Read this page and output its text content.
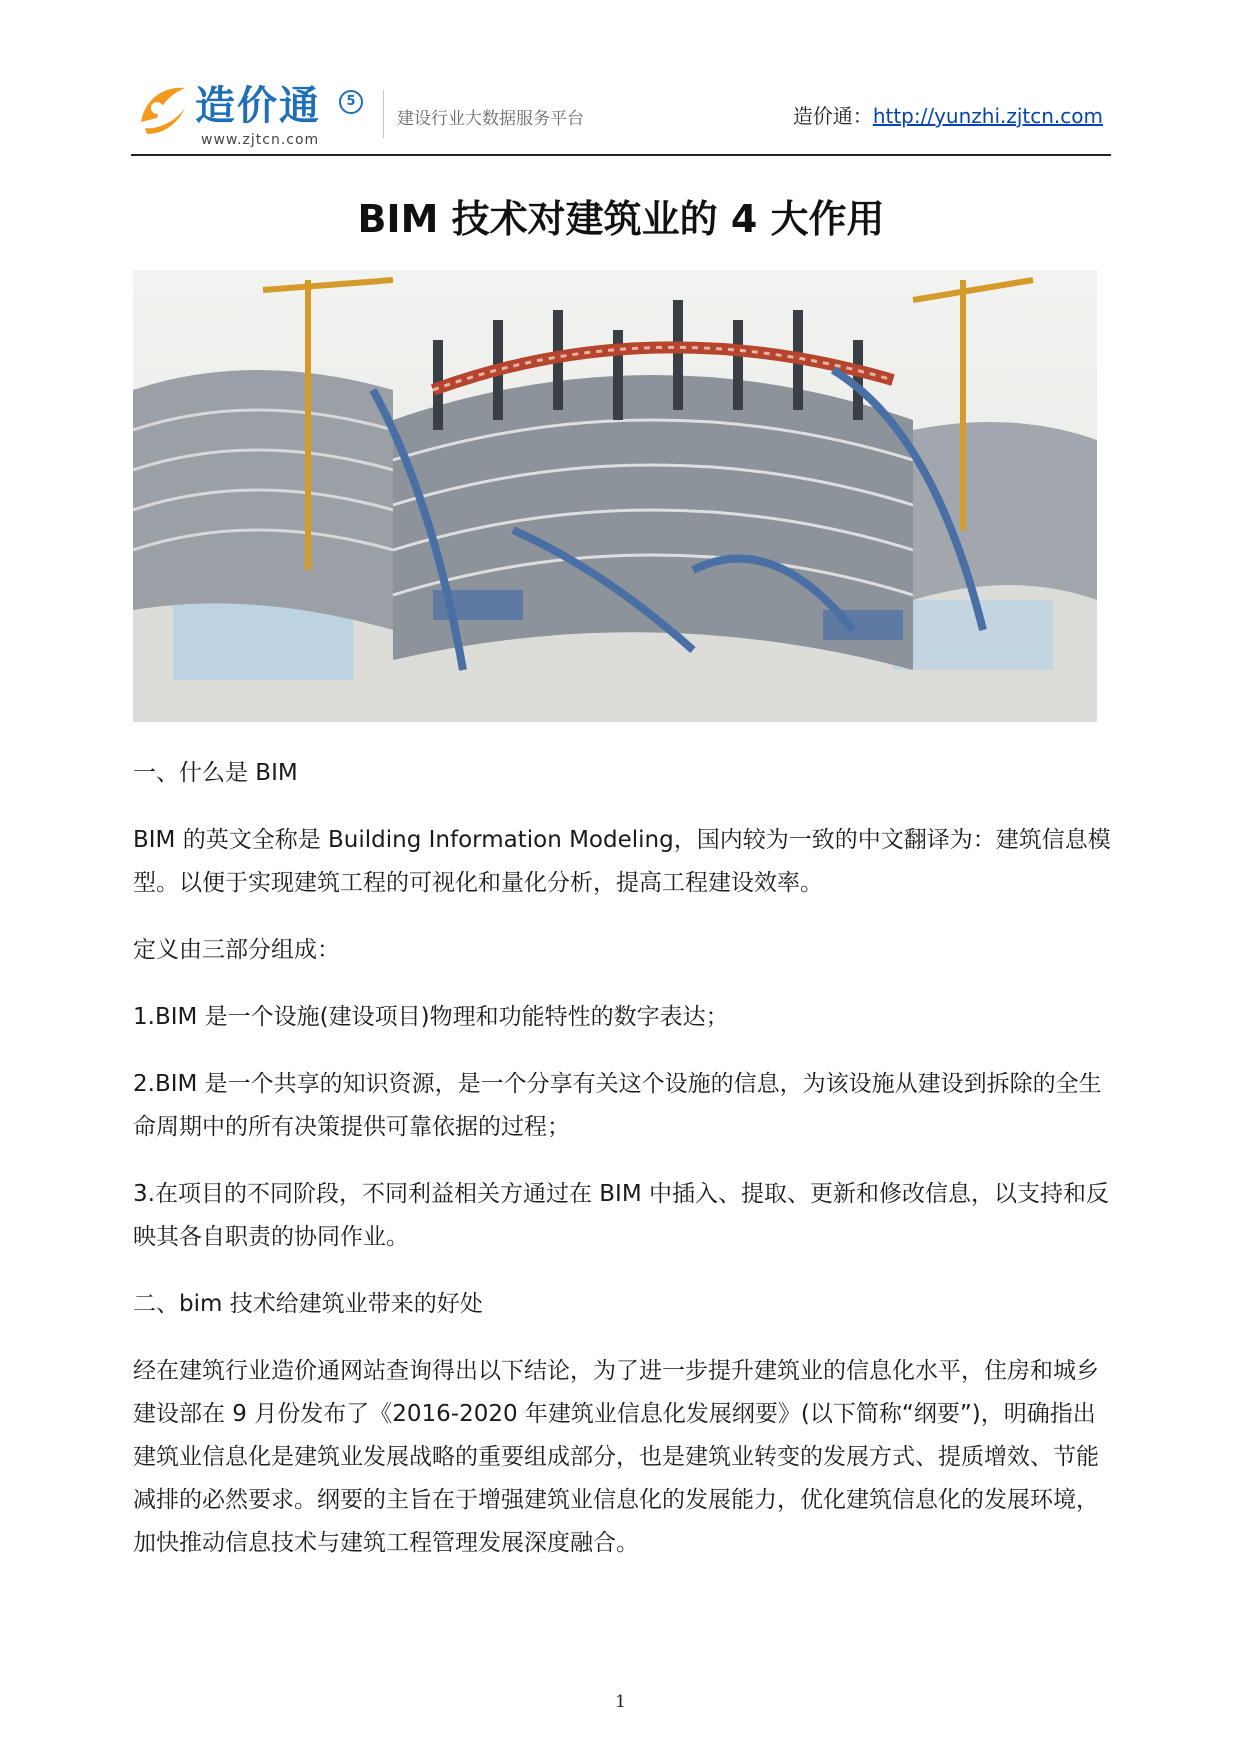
造价通	5
www.zjtcn.com
建设行业大数据服务平台	造价通：http://yunzhi.zjtcn.com
BIM 技术对建筑业的 4 大作用

一、什么是 BIM

BIM 的英文全称是 Building Information Modeling，国内较为一致的中文翻译为：建筑信息模型。以便于实现建筑工程的可视化和量化分析，提高工程建设效率。

定义由三部分组成：

1.BIM 是一个设施(建设项目)物理和功能特性的数字表达；

2.BIM 是一个共享的知识资源，是一个分享有关这个设施的信息，为该设施从建设到拆除的全生命周期中的所有决策提供可靠依据的过程；

3.在项目的不同阶段，不同利益相关方通过在 BIM 中插入、提取、更新和修改信息，以支持和反映其各自职责的协同作业。

二、bim 技术给建筑业带来的好处

经在建筑行业造价通网站查询得出以下结论，为了进一步提升建筑业的信息化水平，住房和城乡建设部在 9 月份发布了《2016-2020 年建筑业信息化发展纲要》(以下简称“纲要”)，明确指出建筑业信息化是建筑业发展战略的重要组成部分，也是建筑业转变的发展方式、提质增效、节能减排的必然要求。纲要的主旨在于增强建筑业信息化的发展能力，优化建筑信息化的发展环境，加快推动信息技术与建筑工程管理发展深度融合。

1
